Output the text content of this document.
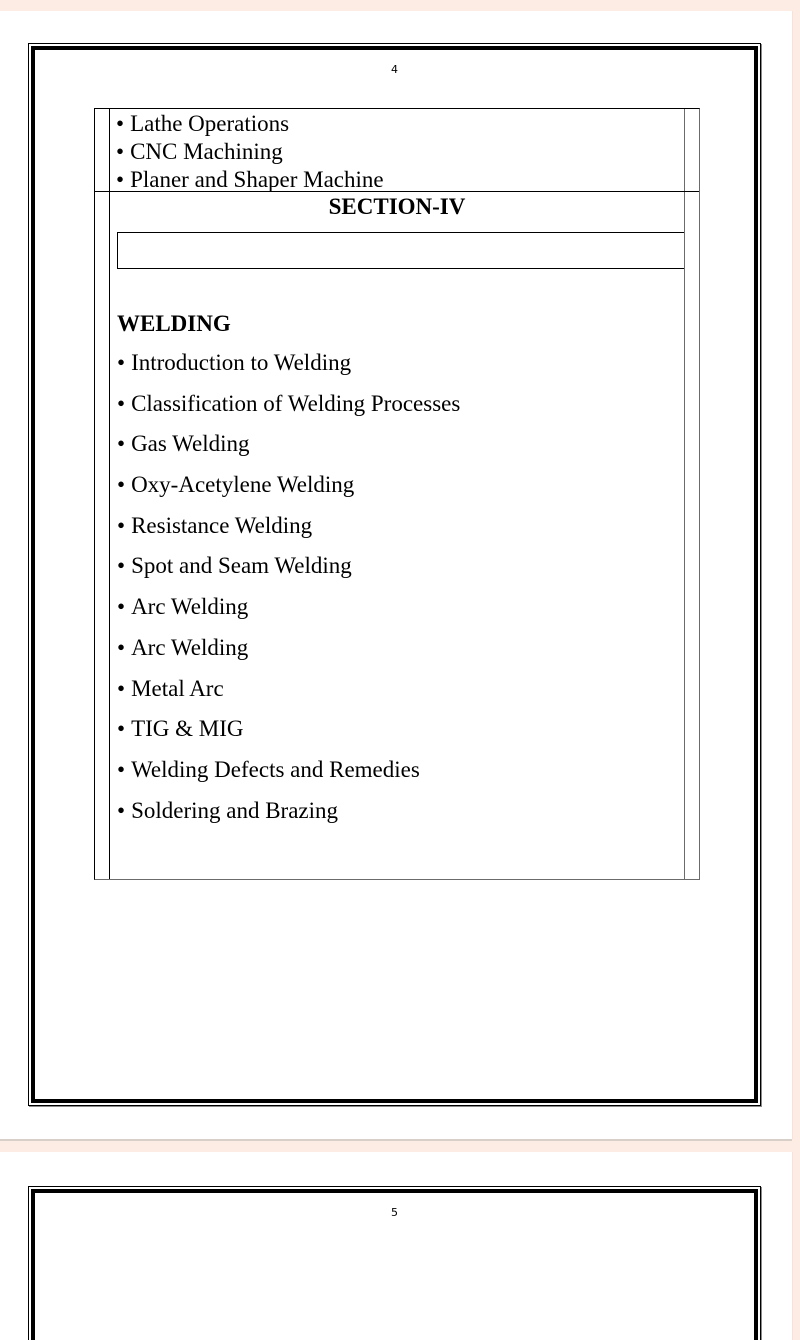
4
• Lathe Operations
• CNC Machining
• Planer and Shaper Machine
SECTION-IV
WELDING
• Introduction to Welding
• Classification of Welding Processes
• Gas Welding
• Oxy-Acetylene Welding
• Resistance Welding
• Spot and Seam Welding
• Arc Welding
• Arc Welding
• Metal Arc
• TIG & MIG
• Welding Defects and Remedies
• Soldering and Brazing
5
